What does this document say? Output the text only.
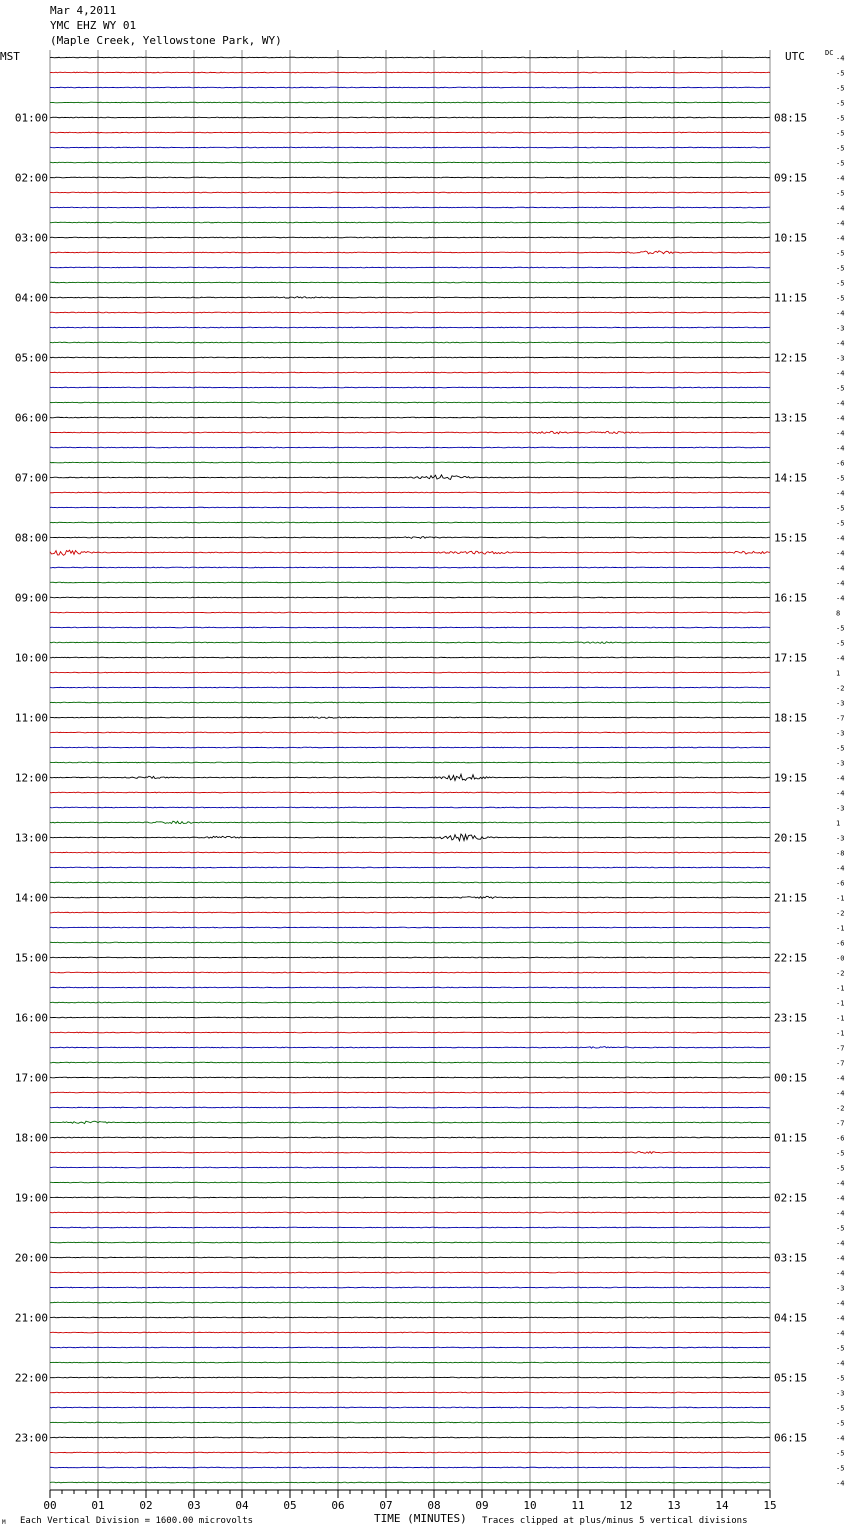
Mar 4,2011
YMC EHZ WY 01
(Maple Creek, Yellowstone Park, WY)
-4
-5
-5
-5
-5
-5
-5
-5
-4
-5
-4
-4
-4
-5
-5
-5
-5
-4
-3
-4
-3
-4
-5
-4
-4
-4
-4
-6
-5
-4
-5
-5
-4
-4
-4
-4
-4
8
-5
-5
-4
1
-2
-3
-7
-3
-5
-3
-4
-4
-3
1
-3
-8
-4
-6
-1
-2
-1
-6
-0
-2
-1
-1
-1
-1
-7
-7
-4
-4
-2
-7
-6
-5
-5
-4
-4
-4
-5
-4
-4
-4
-3
-4
-4
-4
-5
-4
-5
-3
-5
-5
-4
-5
-5
-4
MST	UTC	DC
01:00	08:15
02:00	09:15
03:00	10:15
04:00	11:15
05:00	12:15
06:00	13:15
07:00	14:15
08:00	15:15
09:00	16:15
10:00	17:15
11:00	18:15
12:00	19:15
13:00	20:15
14:00	21:15
15:00	22:15
16:00	23:15
17:00	00:15
18:00	01:15
19:00	02:15
20:00	03:15
21:00	04:15
22:00	05:15
23:00	06:15
00	01	02	03	04	05	06	07	08	09	10	11	12	13	14	15
TIME (MINUTES)
Each Vertical Division = 1600.00 microvolts	Traces clipped at plus/minus 5 vertical divisions
M
